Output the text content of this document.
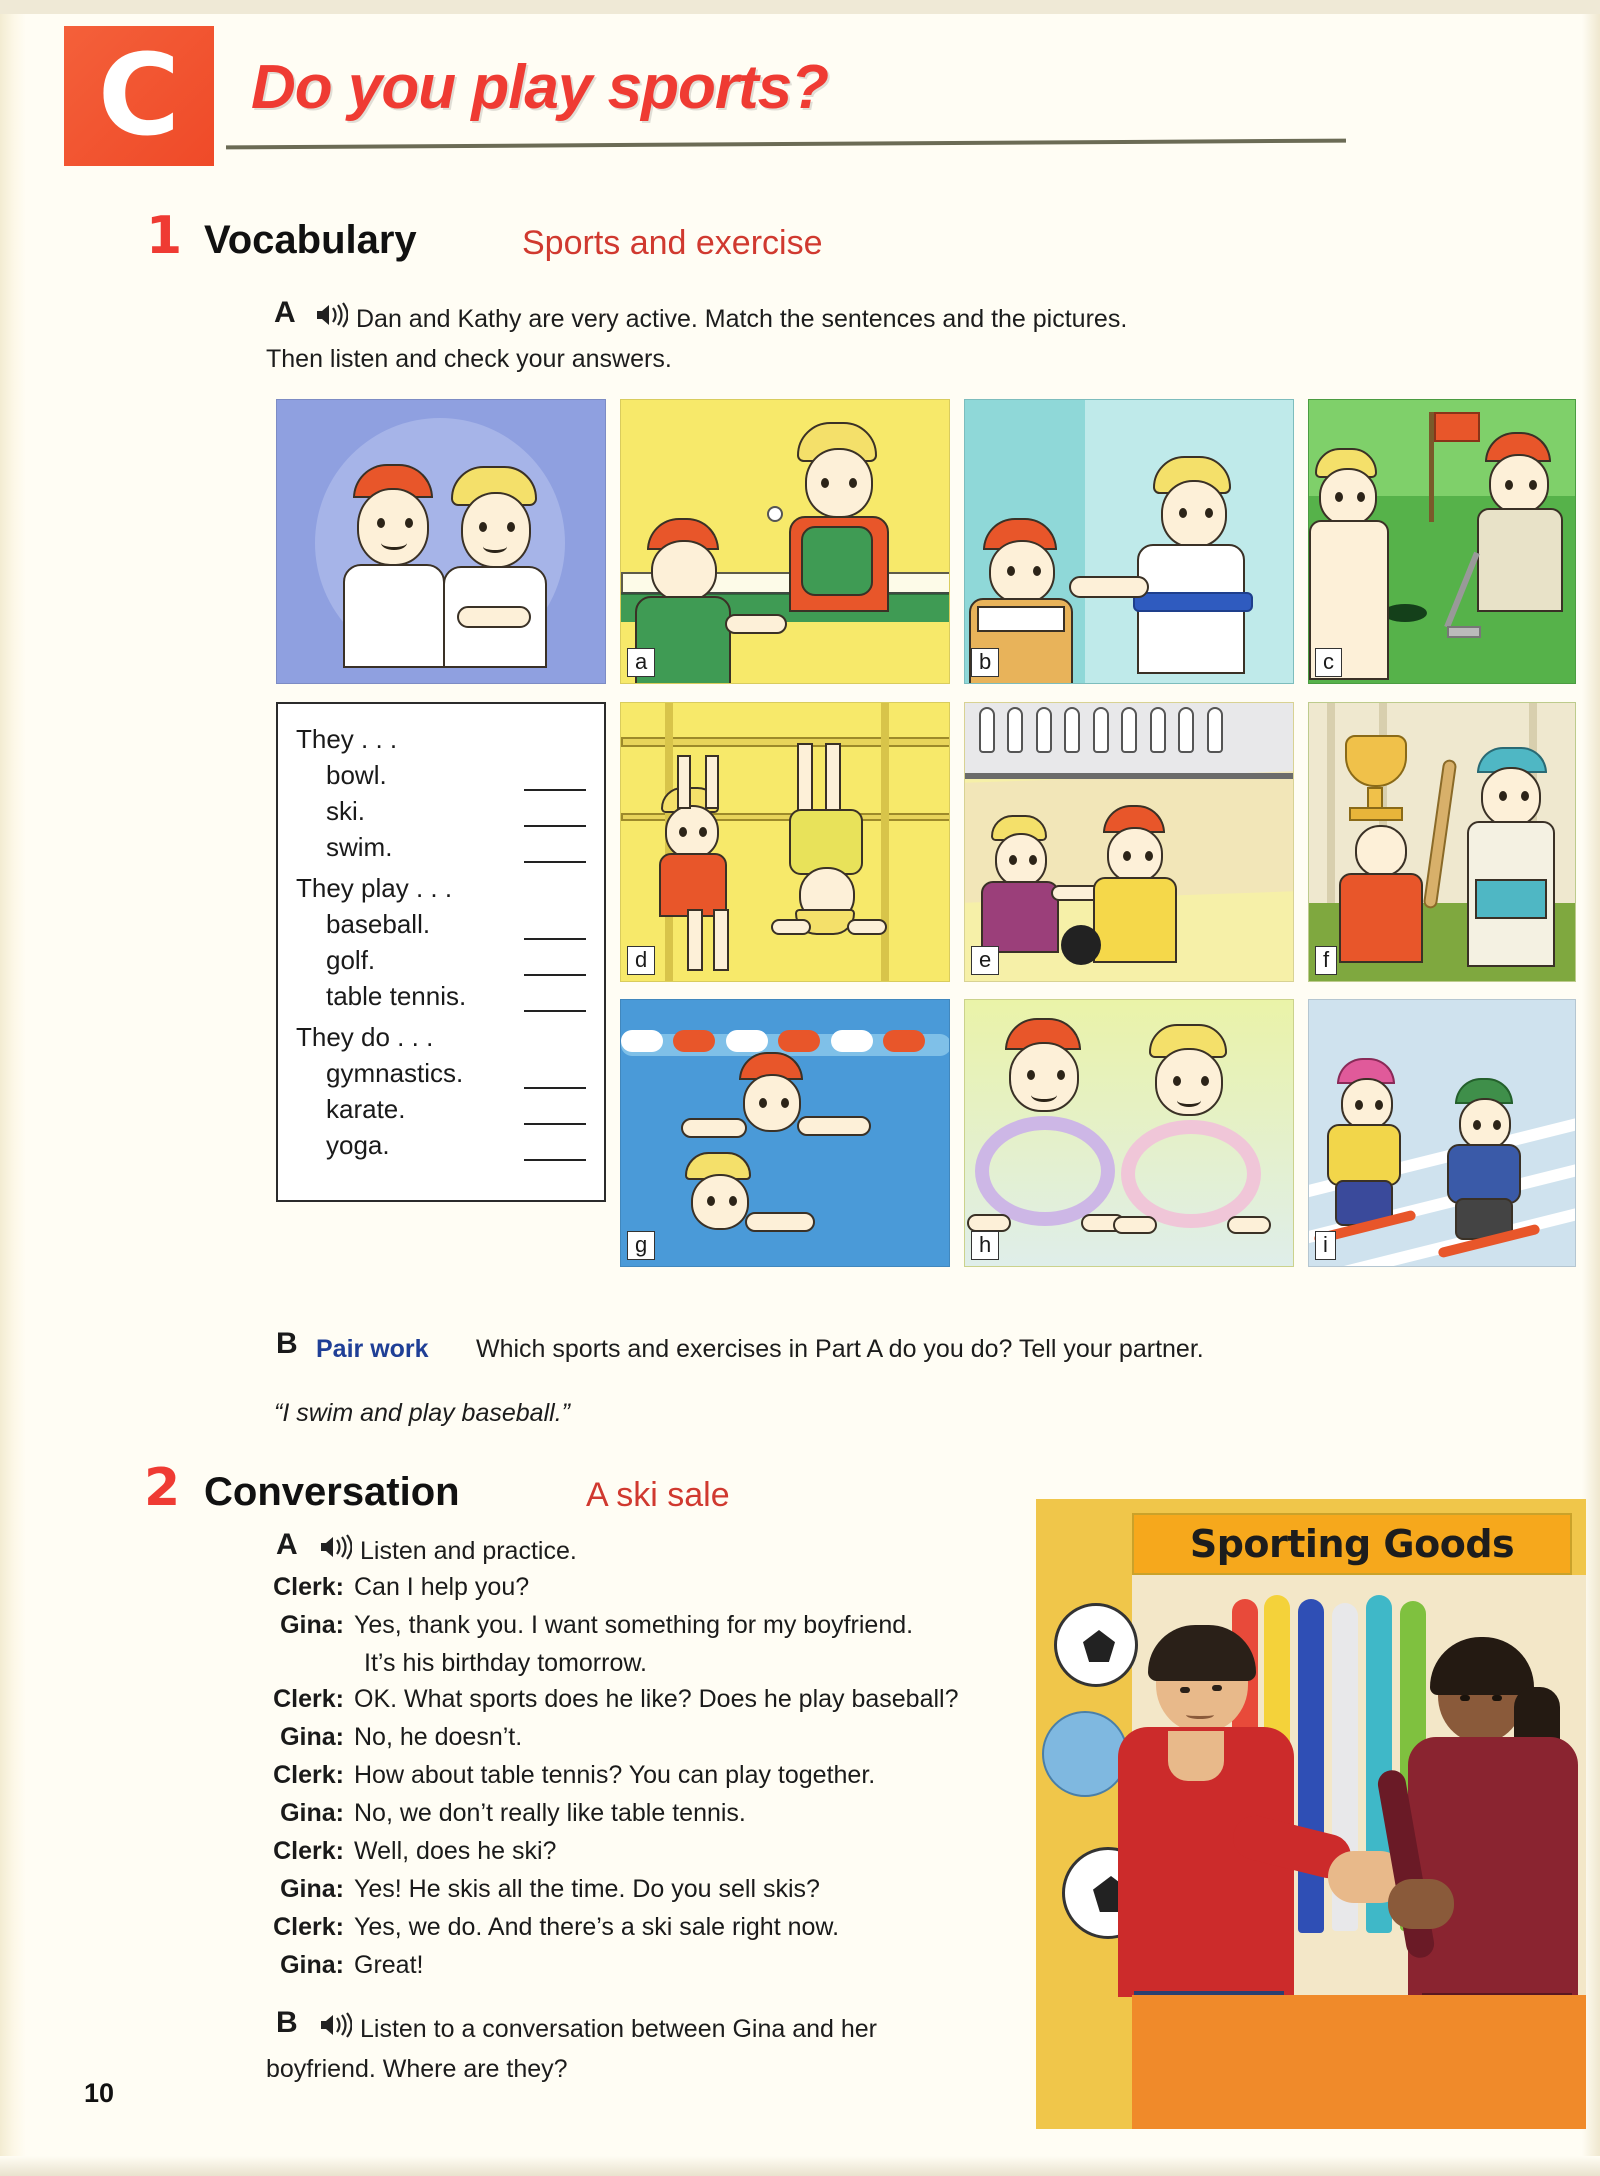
C Do you play sports?
1 Vocabulary	Sports and exercise
A Dan and Kathy are very active. Match the sentences and the pictures.
Then listen and check your answers.
a	b	c
They . . .
bowl.
ski.
swim.
They play . . .
baseball.
golf.
table tennis.
They do . . .
gymnastics.
karate.
yoga.
d
	e	f

g	h	i
B Pair work Which sports and exercises in Part A do you do? Tell your partner.
“I swim and play baseball.”
2 Conversation	A ski sale
A Listen and practice.
Clerk: Can I help you?
Gina: Yes, thank you. I want something for my boyfriend.
It’s his birthday tomorrow.
Clerk: OK. What sports does he like? Does he play baseball?
Gina: No, he doesn’t.
Clerk: How about table tennis? You can play together.
Gina: No, we don’t really like table tennis.
Clerk: Well, does he ski?
Gina: Yes! He skis all the time. Do you sell skis?
Clerk: Yes, we do. And there’s a ski sale right now.
Gina: Great!
B Listen to a conversation between Gina and her
boyfriend. Where are they?
Sporting Goods
10
